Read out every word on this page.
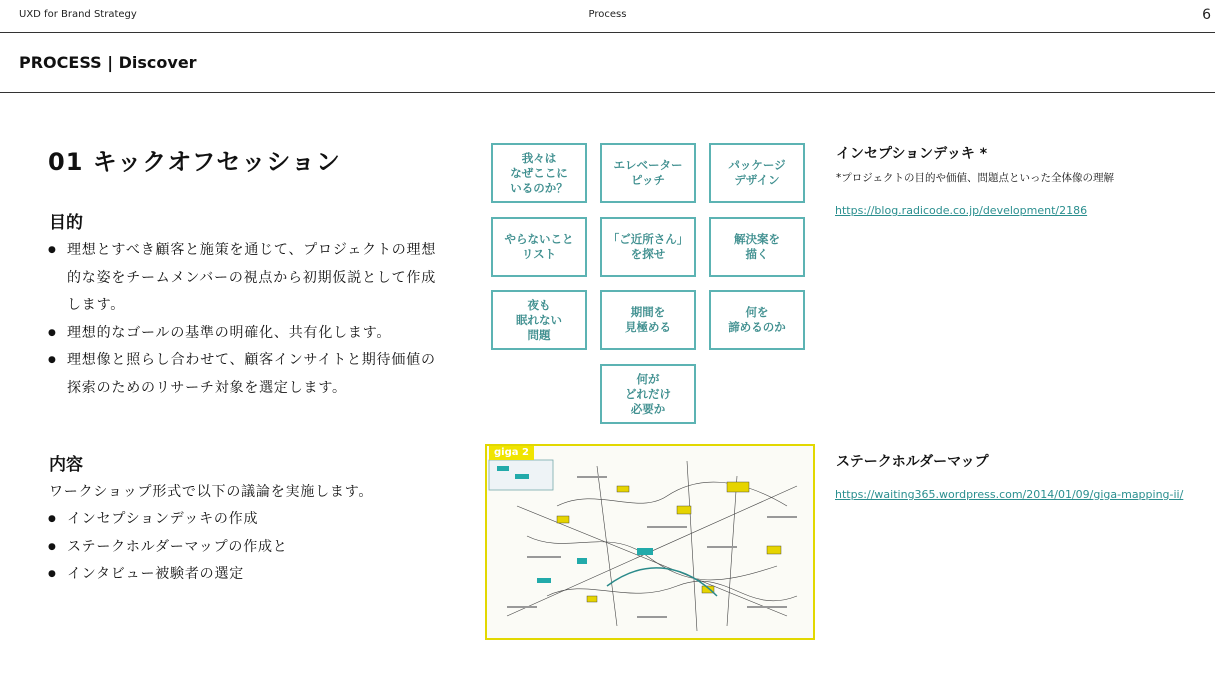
UXD for Brand Strategy	Process	6
PROCESS | Discover
01 キックオフセッション
目的
● 理想とすべき顧客と施策を通じて、プロジェクトの理想的な姿をチームメンバーの視点から初期仮説として作成します。
● 理想的なゴールの基準の明確化、共有化します。
● 理想像と照らし合わせて、顧客インサイトと期待価値の探索のためのリサーチ対象を選定します。
内容
ワークショップ形式で以下の議論を実施します。
● インセプションデッキの作成
● ステークホルダーマップの作成と
● インタビュー被験者の選定
我々は
なぜここに
いるのか？
エレベーター
ピッチ
パッケージ
デザイン
やらないこと
リスト
「ご近所さん」
を探せ
解決案を
描く
夜も
眠れない
問題
期間を
見極める
何を
諦めるのか
何が
どれだけ
必要か
インセプションデッキ *
*プロジェクトの目的や価値、問題点といった全体像の理解
https://blog.radicode.co.jp/development/2186
giga 2
ステークホルダーマップ
https://waiting365.wordpress.com/2014/01/09/giga-mapping-ii/
